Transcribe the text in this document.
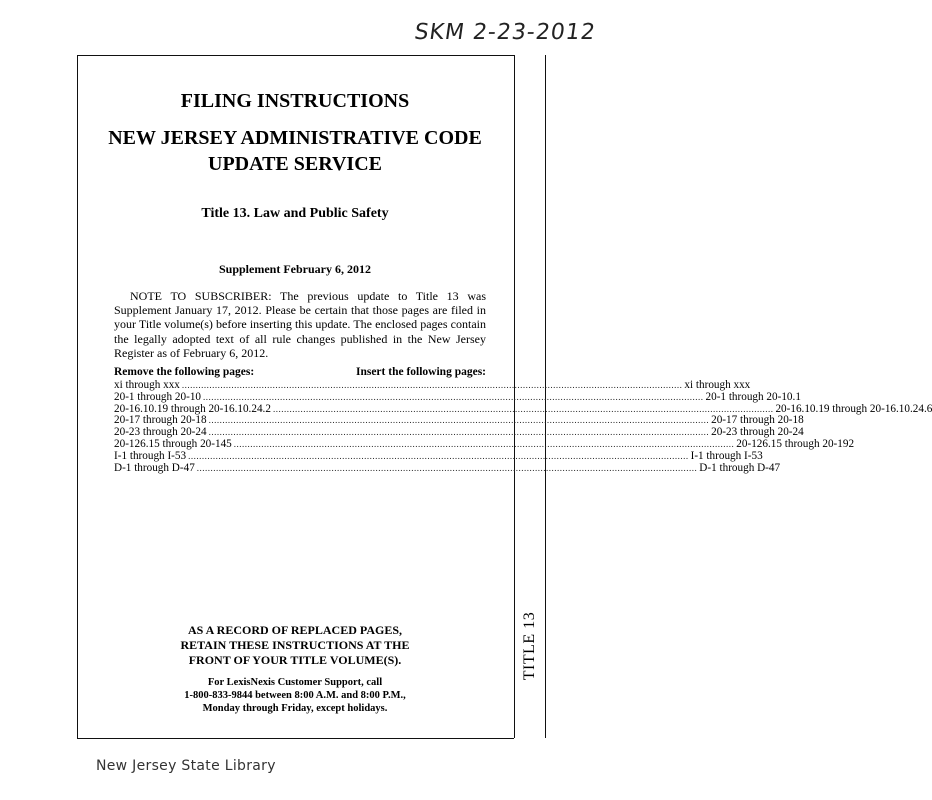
SKM 2-23-2012
TITLE 13
FILING INSTRUCTIONS
NEW JERSEY ADMINISTRATIVE CODE
UPDATE SERVICE
Title 13. Law and Public Safety
Supplement February 6, 2012
NOTE TO SUBSCRIBER: The previous update to Title 13 was Supplement January 17, 2012. Please be certain that those pages are filed in your Title volume(s) before inserting this update. The enclosed pages contain the legally adopted text of all rule changes published in the New Jersey Register as of February 6, 2012.
Remove the following pages:	Insert the following pages:
xi through xxx ...................................................................................................................................................................................... xi through xxx
20-1 through 20-10 ...................................................................................................................................................................................... 20-1 through 20-10.1
20-16.10.19 through 20-16.10.24.2 ...................................................................................................................................................................................... 20-16.10.19 through 20-16.10.24.6
20-17 through 20-18 ...................................................................................................................................................................................... 20-17 through 20-18
20-23 through 20-24 ...................................................................................................................................................................................... 20-23 through 20-24
20-126.15 through 20-145 ...................................................................................................................................................................................... 20-126.15 through 20-192
I-1 through I-53 ...................................................................................................................................................................................... I-1 through I-53
D-1 through D-47 ...................................................................................................................................................................................... D-1 through D-47
AS A RECORD OF REPLACED PAGES,
RETAIN THESE INSTRUCTIONS AT THE
FRONT OF YOUR TITLE VOLUME(S).
For LexisNexis Customer Support, call
1-800-833-9844 between 8:00 A.M. and 8:00 P.M.,
Monday through Friday, except holidays.
New Jersey State Library
